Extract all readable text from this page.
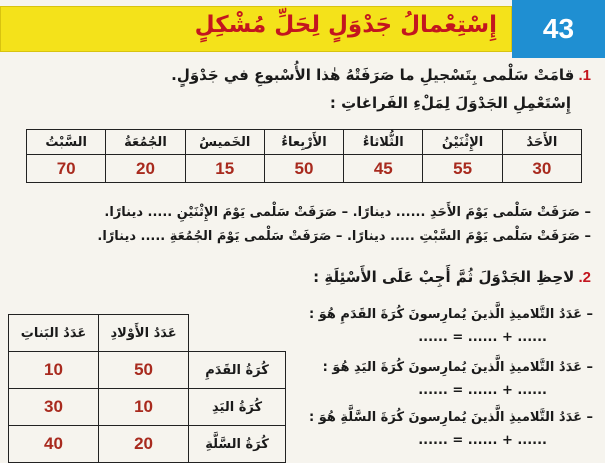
إِسْتِعْمالُ جَدْوَلٍ لِحَلِّ مُشْكِلٍ	43
1. قامَتْ سَلْمى بِتَسْجيلِ ما صَرَفَتْهُ هٰذا الأُسْبوعِ في جَدْوَلٍ.
إِسْتَعْمِلِ الجَدْوَلَ لِمَلْءِ الفَراغاتِ :
الأَحَدُ	الإِثْنَيْنُ	الثُّلاثاءُ	الأَرْبِعاءُ	الخَميسُ	الجُمُعَةُ	السَّبْتُ
30	55	45	50	15	20	70
– صَرَفَتْ سَلْمى يَوْمَ الأَحَدِ ...... دينارًا. – صَرَفَتْ سَلْمى يَوْمَ الإِثْنَيْنِ ..... دينارًا.
– صَرَفَتْ سَلْمى يَوْمَ السَّبْتِ ..... دينارًا. – صَرَفَتْ سَلْمى يَوْمَ الجُمُعَةِ ..... دينارًا.
2. لاحِظِ الجَدْوَلَ ثُمَّ أَجِبْ عَلَى الأَسْئِلَةِ :
	عَدَدُ الأَوْلادِ	عَدَدُ البَناتِ
كُرَةُ القَدَمِ	50	10
كُرَةُ اليَدِ	10	30
كُرَةُ السَّلَّةِ	20	40
– عَدَدُ التَّلاميذِ الَّذينَ يُمارِسونَ كُرَةَ القَدَمِ هُوَ :
...... = ...... + ......
– عَدَدُ التَّلاميذِ الَّذينَ يُمارِسونَ كُرَةَ اليَدِ هُوَ :
...... = ...... + ......
– عَدَدُ التَّلاميذِ الَّذينَ يُمارِسونَ كُرَةَ السَّلَّةِ هُوَ :
...... = ...... + ......
